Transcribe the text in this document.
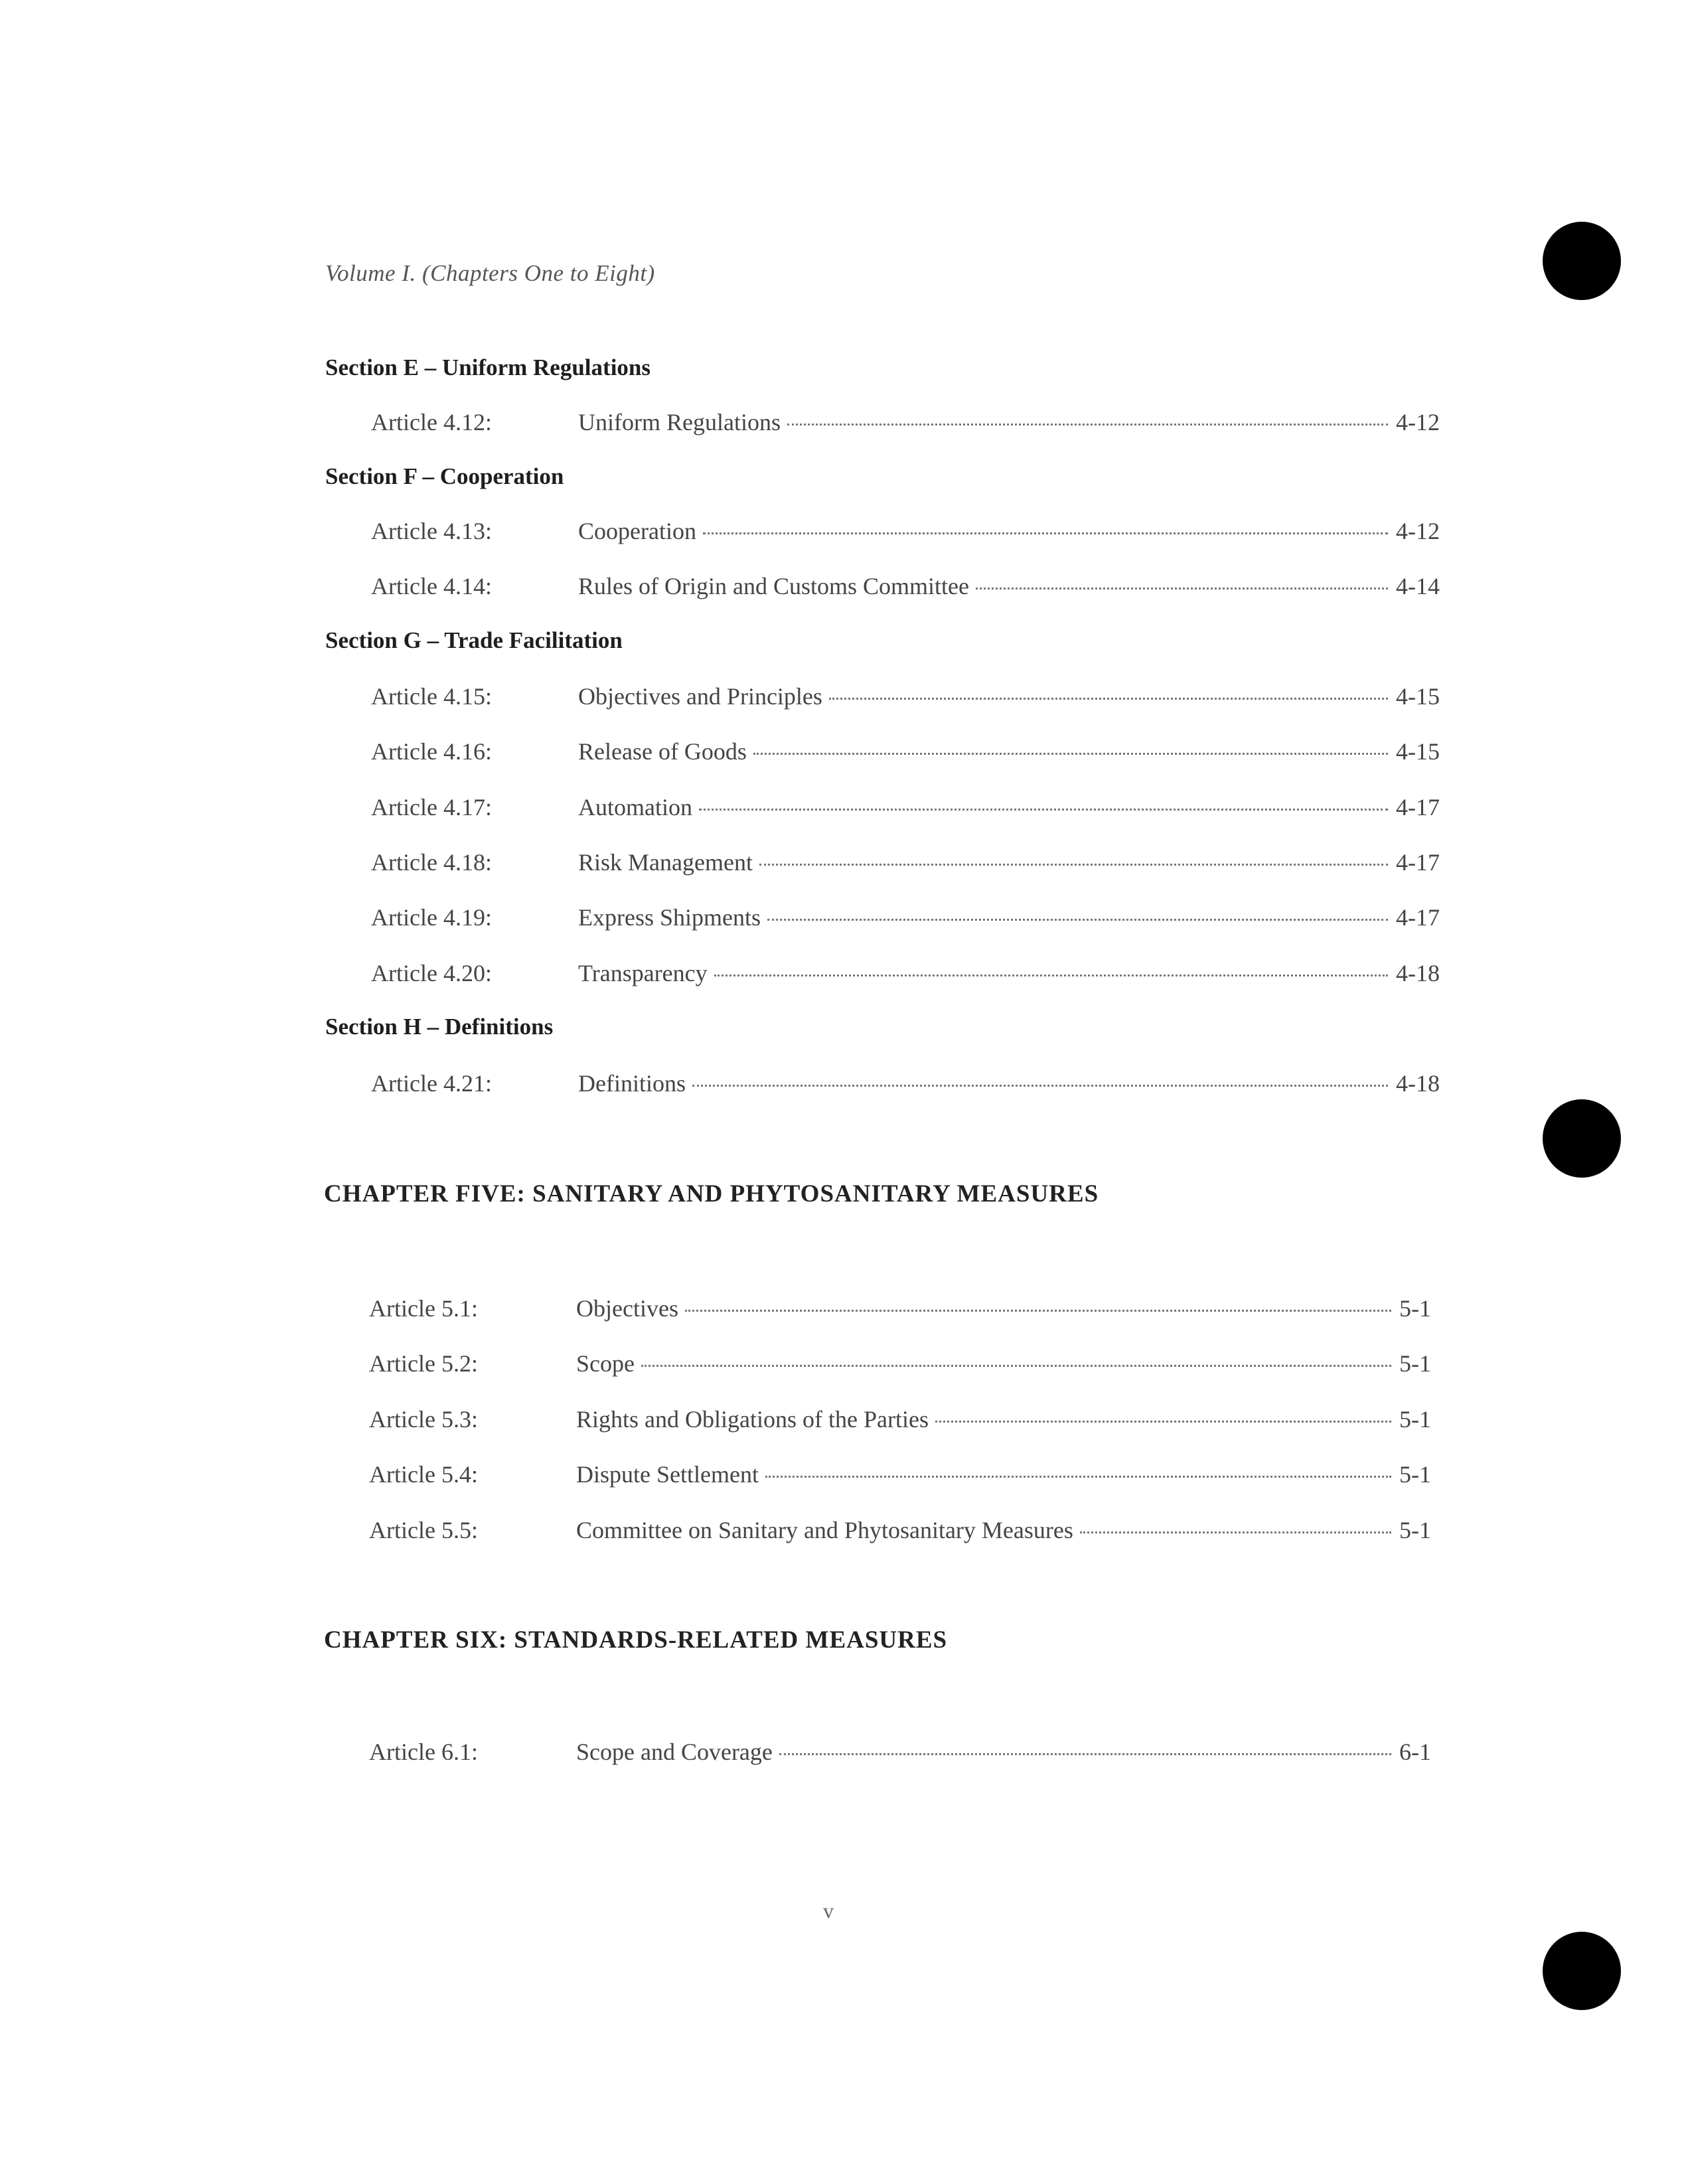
Volume I. (Chapters One to Eight)
Section E – Uniform Regulations
Article 4.12:	Uniform Regulations	4-12
Section F – Cooperation
Article 4.13:	Cooperation	4-12
Article 4.14:	Rules of Origin and Customs Committee	4-14
Section G – Trade Facilitation
Article 4.15:	Objectives and Principles	4-15
Article 4.16:	Release of Goods	4-15
Article 4.17:	Automation	4-17
Article 4.18:	Risk Management	4-17
Article 4.19:	Express Shipments	4-17
Article 4.20:	Transparency	4-18
Section H – Definitions
Article 4.21:	Definitions	4-18
CHAPTER FIVE: SANITARY AND PHYTOSANITARY MEASURES
Article 5.1:	Objectives	5-1
Article 5.2:	Scope	5-1
Article 5.3:	Rights and Obligations of the Parties	5-1
Article 5.4:	Dispute Settlement	5-1
Article 5.5:	Committee on Sanitary and Phytosanitary Measures	5-1
CHAPTER SIX: STANDARDS-RELATED MEASURES
Article 6.1:	Scope and Coverage	6-1
v
